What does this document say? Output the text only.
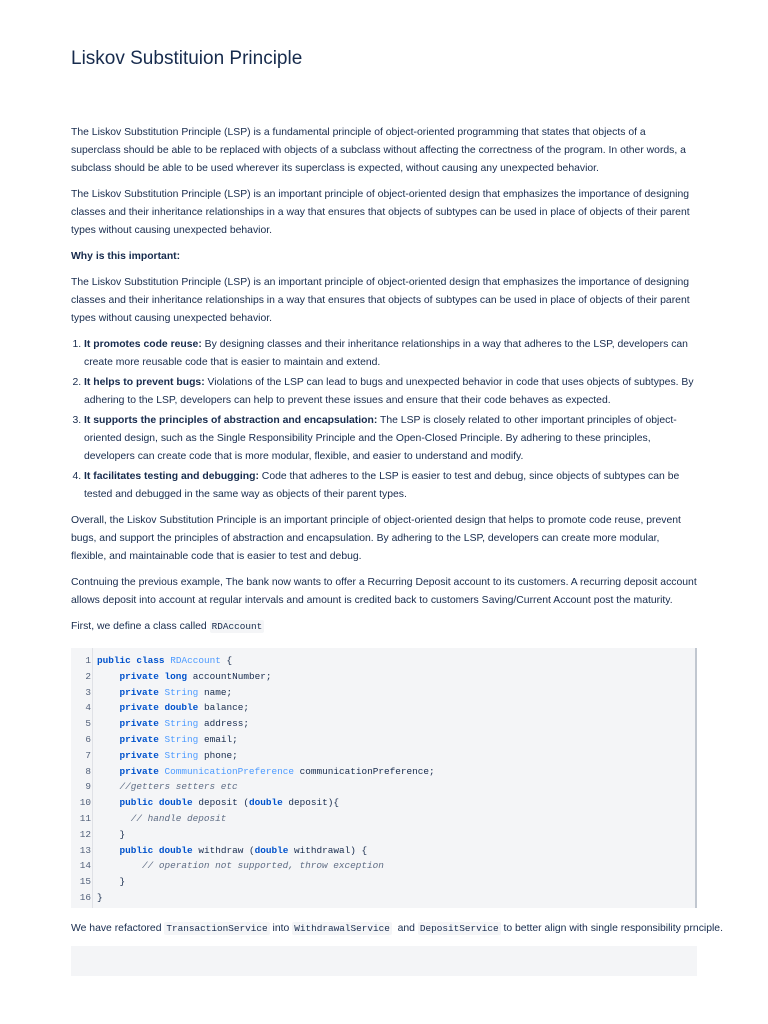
Liskov Substituion Principle

The Liskov Substitution Principle (LSP) is a fundamental principle of object-oriented programming that states that objects of a superclass should be able to be replaced with objects of a subclass without affecting the correctness of the program. In other words, a subclass should be able to be used wherever its superclass is expected, without causing any unexpected behavior.

The Liskov Substitution Principle (LSP) is an important principle of object-oriented design that emphasizes the importance of designing classes and their inheritance relationships in a way that ensures that objects of subtypes can be used in place of objects of their parent types without causing unexpected behavior.

Why is this important:

The Liskov Substitution Principle (LSP) is an important principle of object-oriented design that emphasizes the importance of designing classes and their inheritance relationships in a way that ensures that objects of subtypes can be used in place of objects of their parent types without causing unexpected behavior.

1. It promotes code reuse: By designing classes and their inheritance relationships in a way that adheres to the LSP, developers can create more reusable code that is easier to maintain and extend.
2. It helps to prevent bugs: Violations of the LSP can lead to bugs and unexpected behavior in code that uses objects of subtypes. By adhering to the LSP, developers can help to prevent these issues and ensure that their code behaves as expected.
3. It supports the principles of abstraction and encapsulation: The LSP is closely related to other important principles of object-oriented design, such as the Single Responsibility Principle and the Open-Closed Principle. By adhering to these principles, developers can create code that is more modular, flexible, and easier to understand and modify.
4. It facilitates testing and debugging: Code that adheres to the LSP is easier to test and debug, since objects of subtypes can be tested and debugged in the same way as objects of their parent types.

Overall, the Liskov Substitution Principle is an important principle of object-oriented design that helps to promote code reuse, prevent bugs, and support the principles of abstraction and encapsulation. By adhering to the LSP, developers can create more modular, flexible, and maintainable code that is easier to test and debug.

Contnuing the previous example, The bank now wants to offer a Recurring Deposit account to its customers. A recurring deposit account allows deposit into account at regular intervals and amount is credited back to customers Saving/Current Account post the maturity.

First, we define a class called RDAccount

1
2
3
4
5
6
7
8
9
10
11
12
13
14
15
16
public class RDAccount {
private long accountNumber;
private String name;
private double balance;
private String address;
private String email;
private String phone;
private CommunicationPreference communicationPreference;
//getters setters etc
public double deposit (double deposit){
// handle deposit
}
public double withdraw (double withdrawal) {
// operation not supported, throw exception
}
}
We have refactored TransactionService into WithdrawalService  and DepositService to better align with single responsibility prnciple.
